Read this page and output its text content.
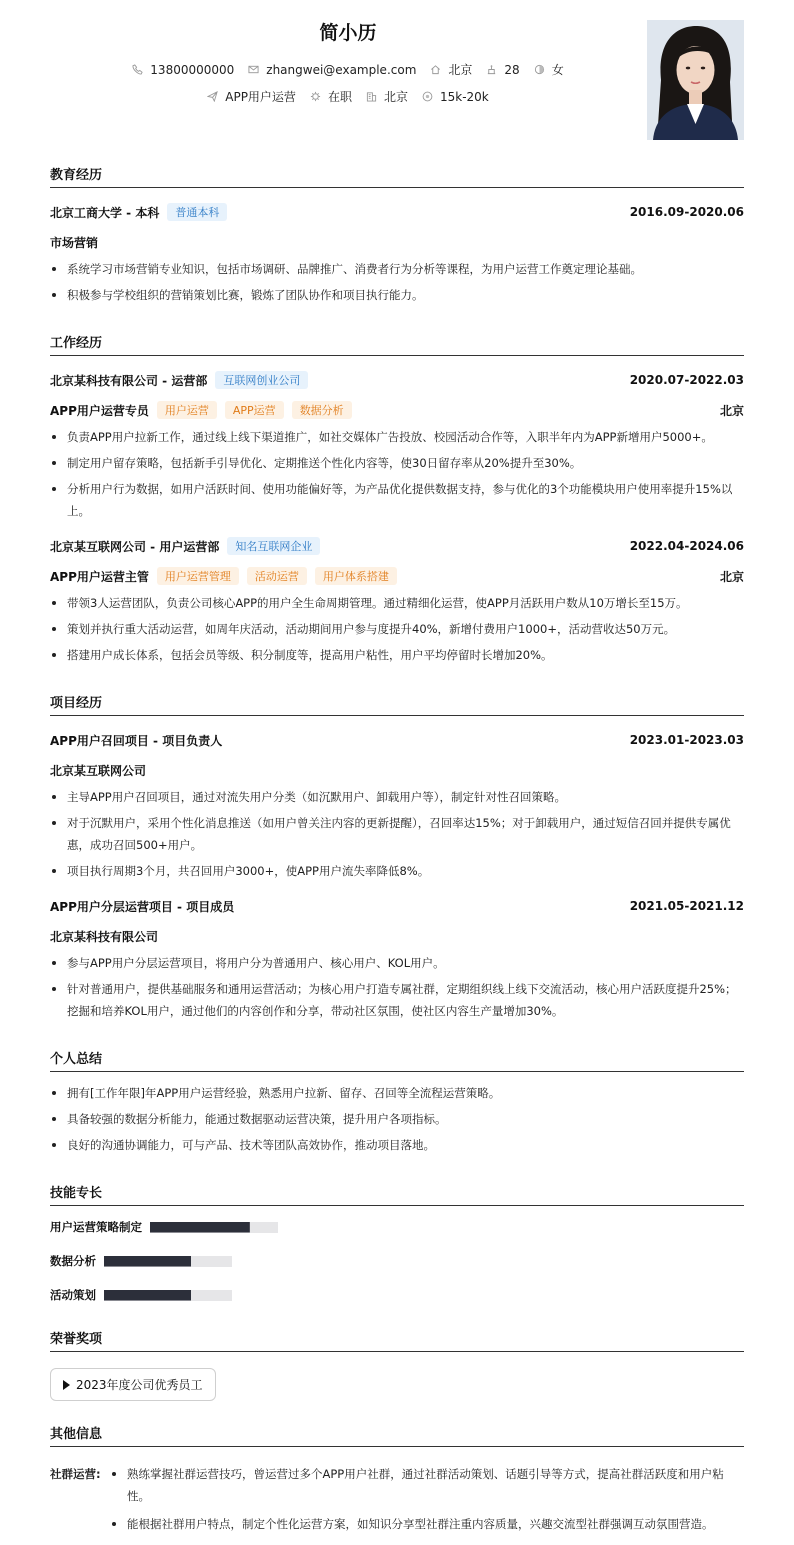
简小历
13800000000	zhangwei@example.com	北京	28	女
APP用户运营	在职	北京	15k-20k
教育经历
北京工商大学 - 本科	普通本科	2016.09-2020.06
市场营销
系统学习市场营销专业知识，包括市场调研、品牌推广、消费者行为分析等课程，为用户运营工作奠定理论基础。
积极参与学校组织的营销策划比赛，锻炼了团队协作和项目执行能力。
工作经历
北京某科技有限公司 - 运营部	互联网创业公司	2020.07-2022.03
APP用户运营专员	用户运营	APP运营	数据分析	北京
负责APP用户拉新工作，通过线上线下渠道推广，如社交媒体广告投放、校园活动合作等，入职半年内为APP新增用户5000+。
制定用户留存策略，包括新手引导优化、定期推送个性化内容等，使30日留存率从20%提升至30%。
分析用户行为数据，如用户活跃时间、使用功能偏好等，为产品优化提供数据支持，参与优化的3个功能模块用户使用率提升15%以上。
北京某互联网公司 - 用户运营部	知名互联网企业	2022.04-2024.06
APP用户运营主管	用户运营管理	活动运营	用户体系搭建	北京
带领3人运营团队，负责公司核心APP的用户全生命周期管理。通过精细化运营，使APP月活跃用户数从10万增长至15万。
策划并执行重大活动运营，如周年庆活动，活动期间用户参与度提升40%，新增付费用户1000+，活动营收达50万元。
搭建用户成长体系，包括会员等级、积分制度等，提高用户粘性，用户平均停留时长增加20%。
项目经历
APP用户召回项目 - 项目负责人	2023.01-2023.03
北京某互联网公司
主导APP用户召回项目，通过对流失用户分类（如沉默用户、卸载用户等），制定针对性召回策略。
对于沉默用户，采用个性化消息推送（如用户曾关注内容的更新提醒），召回率达15%；对于卸载用户，通过短信召回并提供专属优惠，成功召回500+用户。
项目执行周期3个月，共召回用户3000+，使APP用户流失率降低8%。
APP用户分层运营项目 - 项目成员	2021.05-2021.12
北京某科技有限公司
参与APP用户分层运营项目，将用户分为普通用户、核心用户、KOL用户。
针对普通用户，提供基础服务和通用运营活动；为核心用户打造专属社群，定期组织线上线下交流活动，核心用户活跃度提升25%；挖掘和培养KOL用户，通过他们的内容创作和分享，带动社区氛围，使社区内容生产量增加30%。
个人总结
拥有[工作年限]年APP用户运营经验，熟悉用户拉新、留存、召回等全流程运营策略。
具备较强的数据分析能力，能通过数据驱动运营决策，提升用户各项指标。
良好的沟通协调能力，可与产品、技术等团队高效协作，推动项目落地。
技能专长
用户运营策略制定
数据分析
活动策划
荣誉奖项
2023年度公司优秀员工
其他信息
社群运营:	熟练掌握社群运营技巧，曾运营过多个APP用户社群，通过社群活动策划、话题引导等方式，提高社群活跃度和用户粘性。
能根据社群用户特点，制定个性化运营方案，如知识分享型社群注重内容质量，兴趣交流型社群强调互动氛围营造。
